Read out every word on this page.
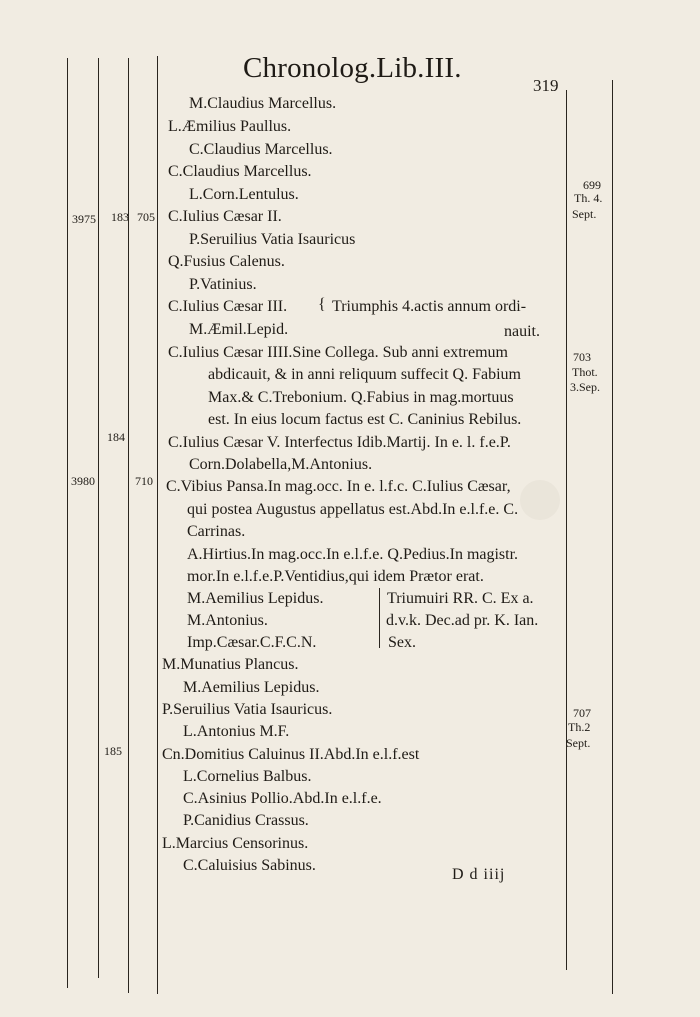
Chronolog.Lib.III.
319
M.Claudius Marcellus.
L.Æmilius Paullus.
C.Claudius Marcellus.
C.Claudius Marcellus.
L.Corn.Lentulus.
C.Iulius Cæsar II.
P.Seruilius Vatia Isauricus
Q.Fusius Calenus.
P.Vatinius.
C.Iulius Cæsar III.
M.Æmil.Lepid.
C.Iulius Cæsar IIII.Sine Collega. Sub anni extremum
abdicauit, & in anni reliquum suffecit Q. Fabium
Max.& C.Trebonium. Q.Fabius in mag.mortuus
est. In eius locum factus est C. Caninius Rebilus.
C.Iulius Cæsar V. Interfectus Idib.Martij. In e. l. f.e.P.
Corn.Dolabella,M.Antonius.
C.Vibius Pansa.In mag.occ. In e. l.f.c. C.Iulius Cæsar,
qui postea Augustus appellatus est.Abd.In e.l.f.e. C.
Carrinas.
A.Hirtius.In mag.occ.In e.l.f.e. Q.Pedius.In magistr.
mor.In e.l.f.e.P.Ventidius,qui idem Prætor erat.
M.Aemilius Lepidus.
M.Antonius.
Imp.Cæsar.C.F.C.N.
M.Munatius Plancus.
M.Aemilius Lepidus.
P.Seruilius Vatia Isauricus.
L.Antonius M.F.
Cn.Domitius Caluinus II.Abd.In e.l.f.est
L.Cornelius Balbus.
C.Asinius Pollio.Abd.In e.l.f.e.
P.Canidius Crassus.
L.Marcius Censorinus.
C.Caluisius Sabinus.
Triumphis 4.actis annum ordi-
nauit.
Triumuiri RR. C. Ex a.
d.v.k. Dec.ad pr. K. Ian.
Sex.
3975 183 705
184
3980	710
185
699
Th. 4.
Sept.
703
Thot.
3.Sep.
707
Th.2
Sept.
{
D d iiij
